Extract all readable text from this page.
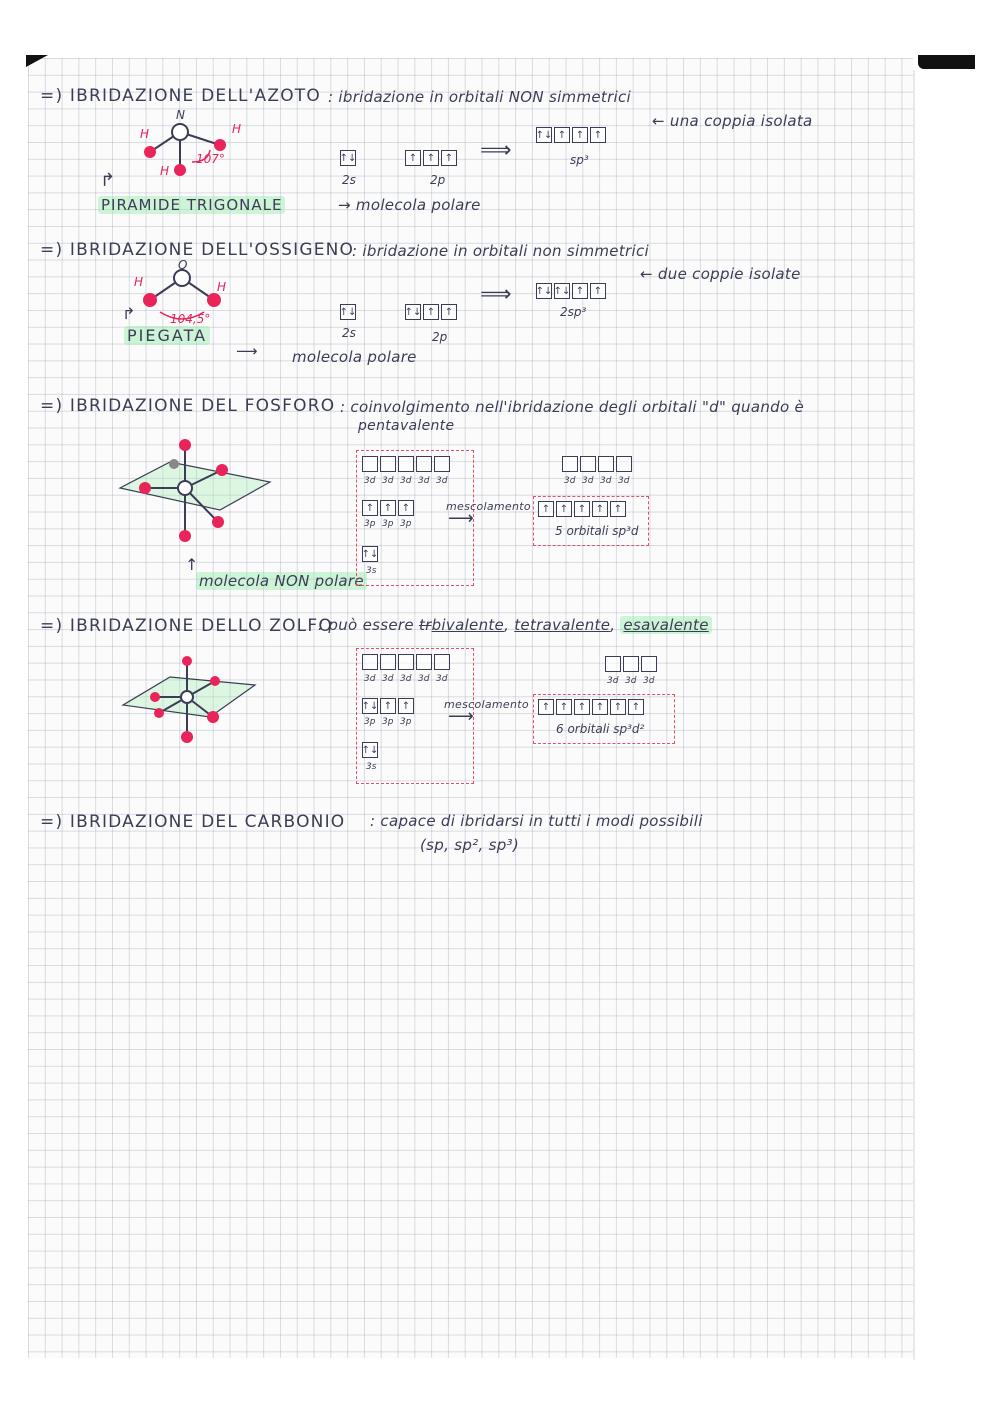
=) IBRIDAZIONE DELL'AZOTO : ibridazione in orbitali NON simmetrici
N
H	H
H
107°
↱
PIRAMIDE TRIGONALE	→ molecola polare
↑↓
2s
↑ ↑ ↑
2p
⟹
↑↓ ↑ ↑ ↑
sp³
← una coppia isolata
=) IBRIDAZIONE DELL'OSSIGENO
: ibridazione in orbitali non simmetrici
O
H	H
104,5°
↱
PIEGATA
⟶ molecola polare
↑↓
2s
↑↓ ↑ ↑
2p
⟹ ↑↓ ↑↓ ↑ ↑
2sp³
← due coppie isolate
=) IBRIDAZIONE DEL FOSFORO : coinvolgimento nell'ibridazione degli orbitali "d" quando è
pentavalente
↑
molecola NON polare
3d 3d 3d 3d 3d
↑ ↑ ↑
3p 3p 3p
↑↓
3s
mescolamento
⟶
3d 3d 3d 3d
↑ ↑ ↑ ↑ ↑
5 orbitali sp³d
=) IBRIDAZIONE DELLO ZOLFO
: può essere trbivalente, tetravalente, esavalente
3d 3d 3d 3d 3d
↑↓ ↑ ↑
3p 3p 3p
↑↓
3s
mescolamento
⟶
3d 3d 3d
↑ ↑ ↑ ↑ ↑ ↑
6 orbitali sp³d²
=) IBRIDAZIONE DEL CARBONIO : capace di ibridarsi in tutti i modi possibili
(sp, sp², sp³)
